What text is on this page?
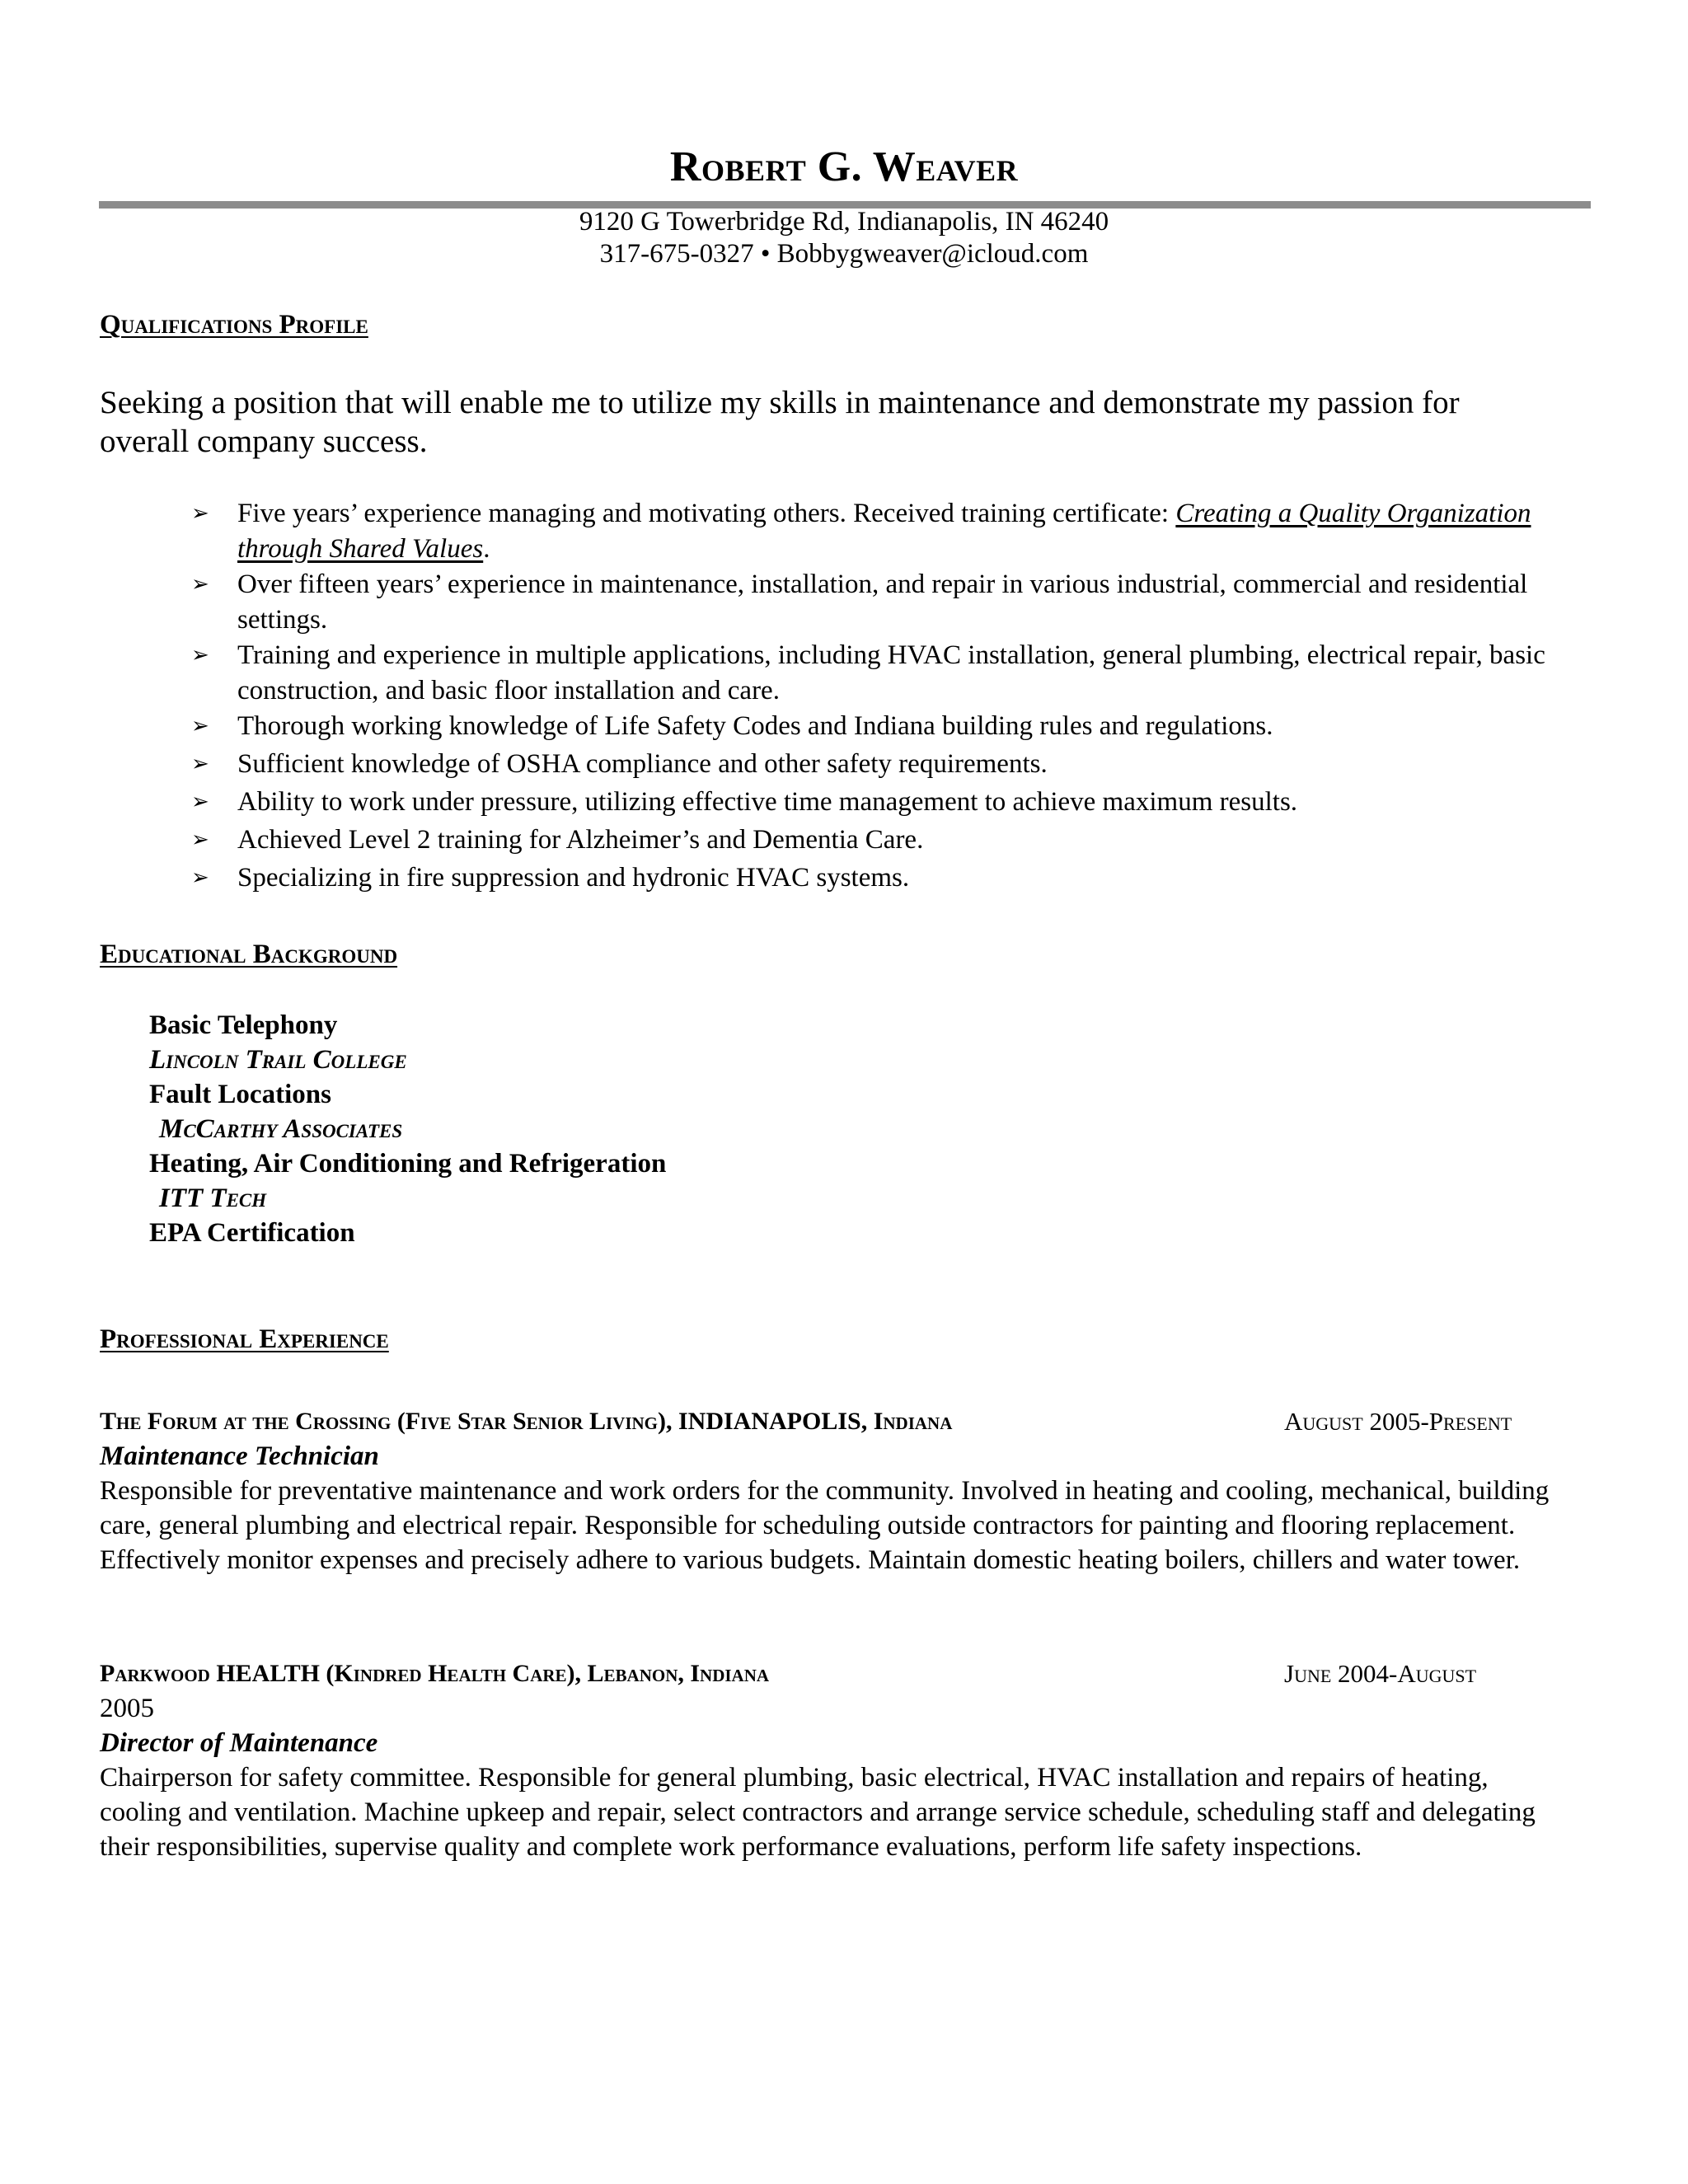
Robert G. Weaver
9120 G Towerbridge Rd, Indianapolis, IN 46240
317-675-0327 • Bobbygweaver@icloud.com
Qualifications Profile
Seeking a position that will enable me to utilize my skills in maintenance and demonstrate my passion for overall company success.
➢ Five years’ experience managing and motivating others. Received training certificate: Creating a Quality Organization through Shared Values.
➢ Over fifteen years’ experience in maintenance, installation, and repair in various industrial, commercial and residential settings.
➢ Training and experience in multiple applications, including HVAC installation, general plumbing, electrical repair, basic construction, and basic floor installation and care.
➢ Thorough working knowledge of Life Safety Codes and Indiana building rules and regulations.
➢ Sufficient knowledge of OSHA compliance and other safety requirements.
➢ Ability to work under pressure, utilizing effective time management to achieve maximum results.
➢ Achieved Level 2 training for Alzheimer’s and Dementia Care.
➢ Specializing in fire suppression and hydronic HVAC systems.
Educational Background
Basic Telephony
Lincoln Trail College
Fault Locations
McCarthy Associates
Heating, Air Conditioning and Refrigeration
ITT Tech
EPA Certification
Professional Experience
The Forum at the Crossing (Five Star Senior Living), INDIANAPOLIS, Indiana	August 2005-Present
Maintenance Technician
Responsible for preventative maintenance and work orders for the community. Involved in heating and cooling, mechanical, building care, general plumbing and electrical repair. Responsible for scheduling outside contractors for painting and flooring replacement. Effectively monitor expenses and precisely adhere to various budgets. Maintain domestic heating boilers, chillers and water tower.
Parkwood HEALTH (Kindred Health Care), Lebanon, Indiana	June 2004-August
2005
Director of Maintenance
Chairperson for safety committee. Responsible for general plumbing, basic electrical, HVAC installation and repairs of heating, cooling and ventilation. Machine upkeep and repair, select contractors and arrange service schedule, scheduling staff and delegating their responsibilities, supervise quality and complete work performance evaluations, perform life safety inspections.
